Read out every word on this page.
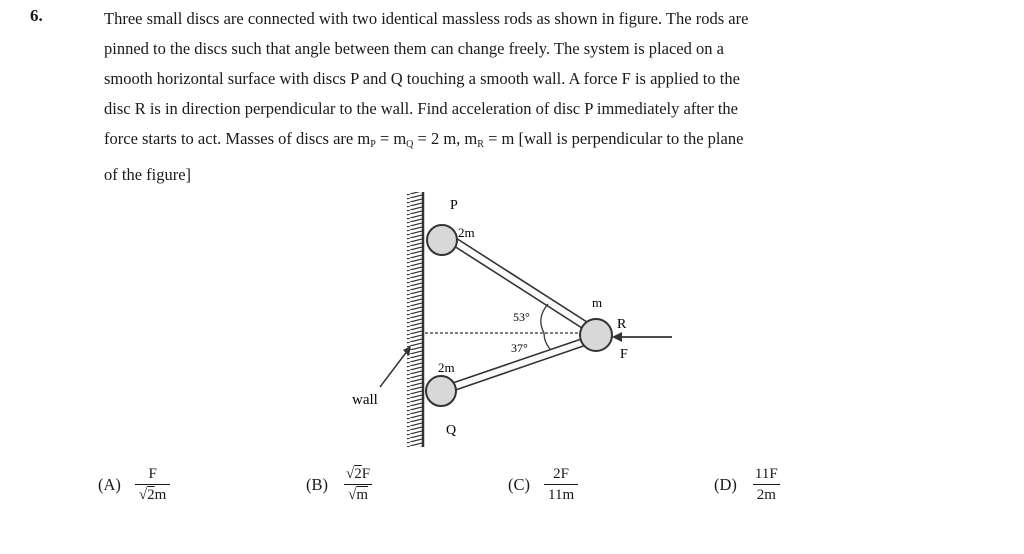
6.	Three small discs are connected with two identical massless rods as shown in figure. The rods are
pinned to the discs such that angle between them can change freely. The system is placed on a
smooth horizontal surface with discs P and Q touching a smooth wall. A force F is applied to the
disc R is in direction perpendicular to the wall. Find acceleration of disc P immediately after the
force starts to act. Masses of discs are $m_P = m_Q = 2$ m, $m_R = m$ [wall is perpendicular to the plane
of the figure]
P
2m
2m
Q
m
R
F
53°
37°
wall
$(A) \frac{F}{√2m}$	$(B) \frac{√2F}{√m}$	$(C) \frac{2F}{11m}$	$(D) \frac{11F}{2m}$
